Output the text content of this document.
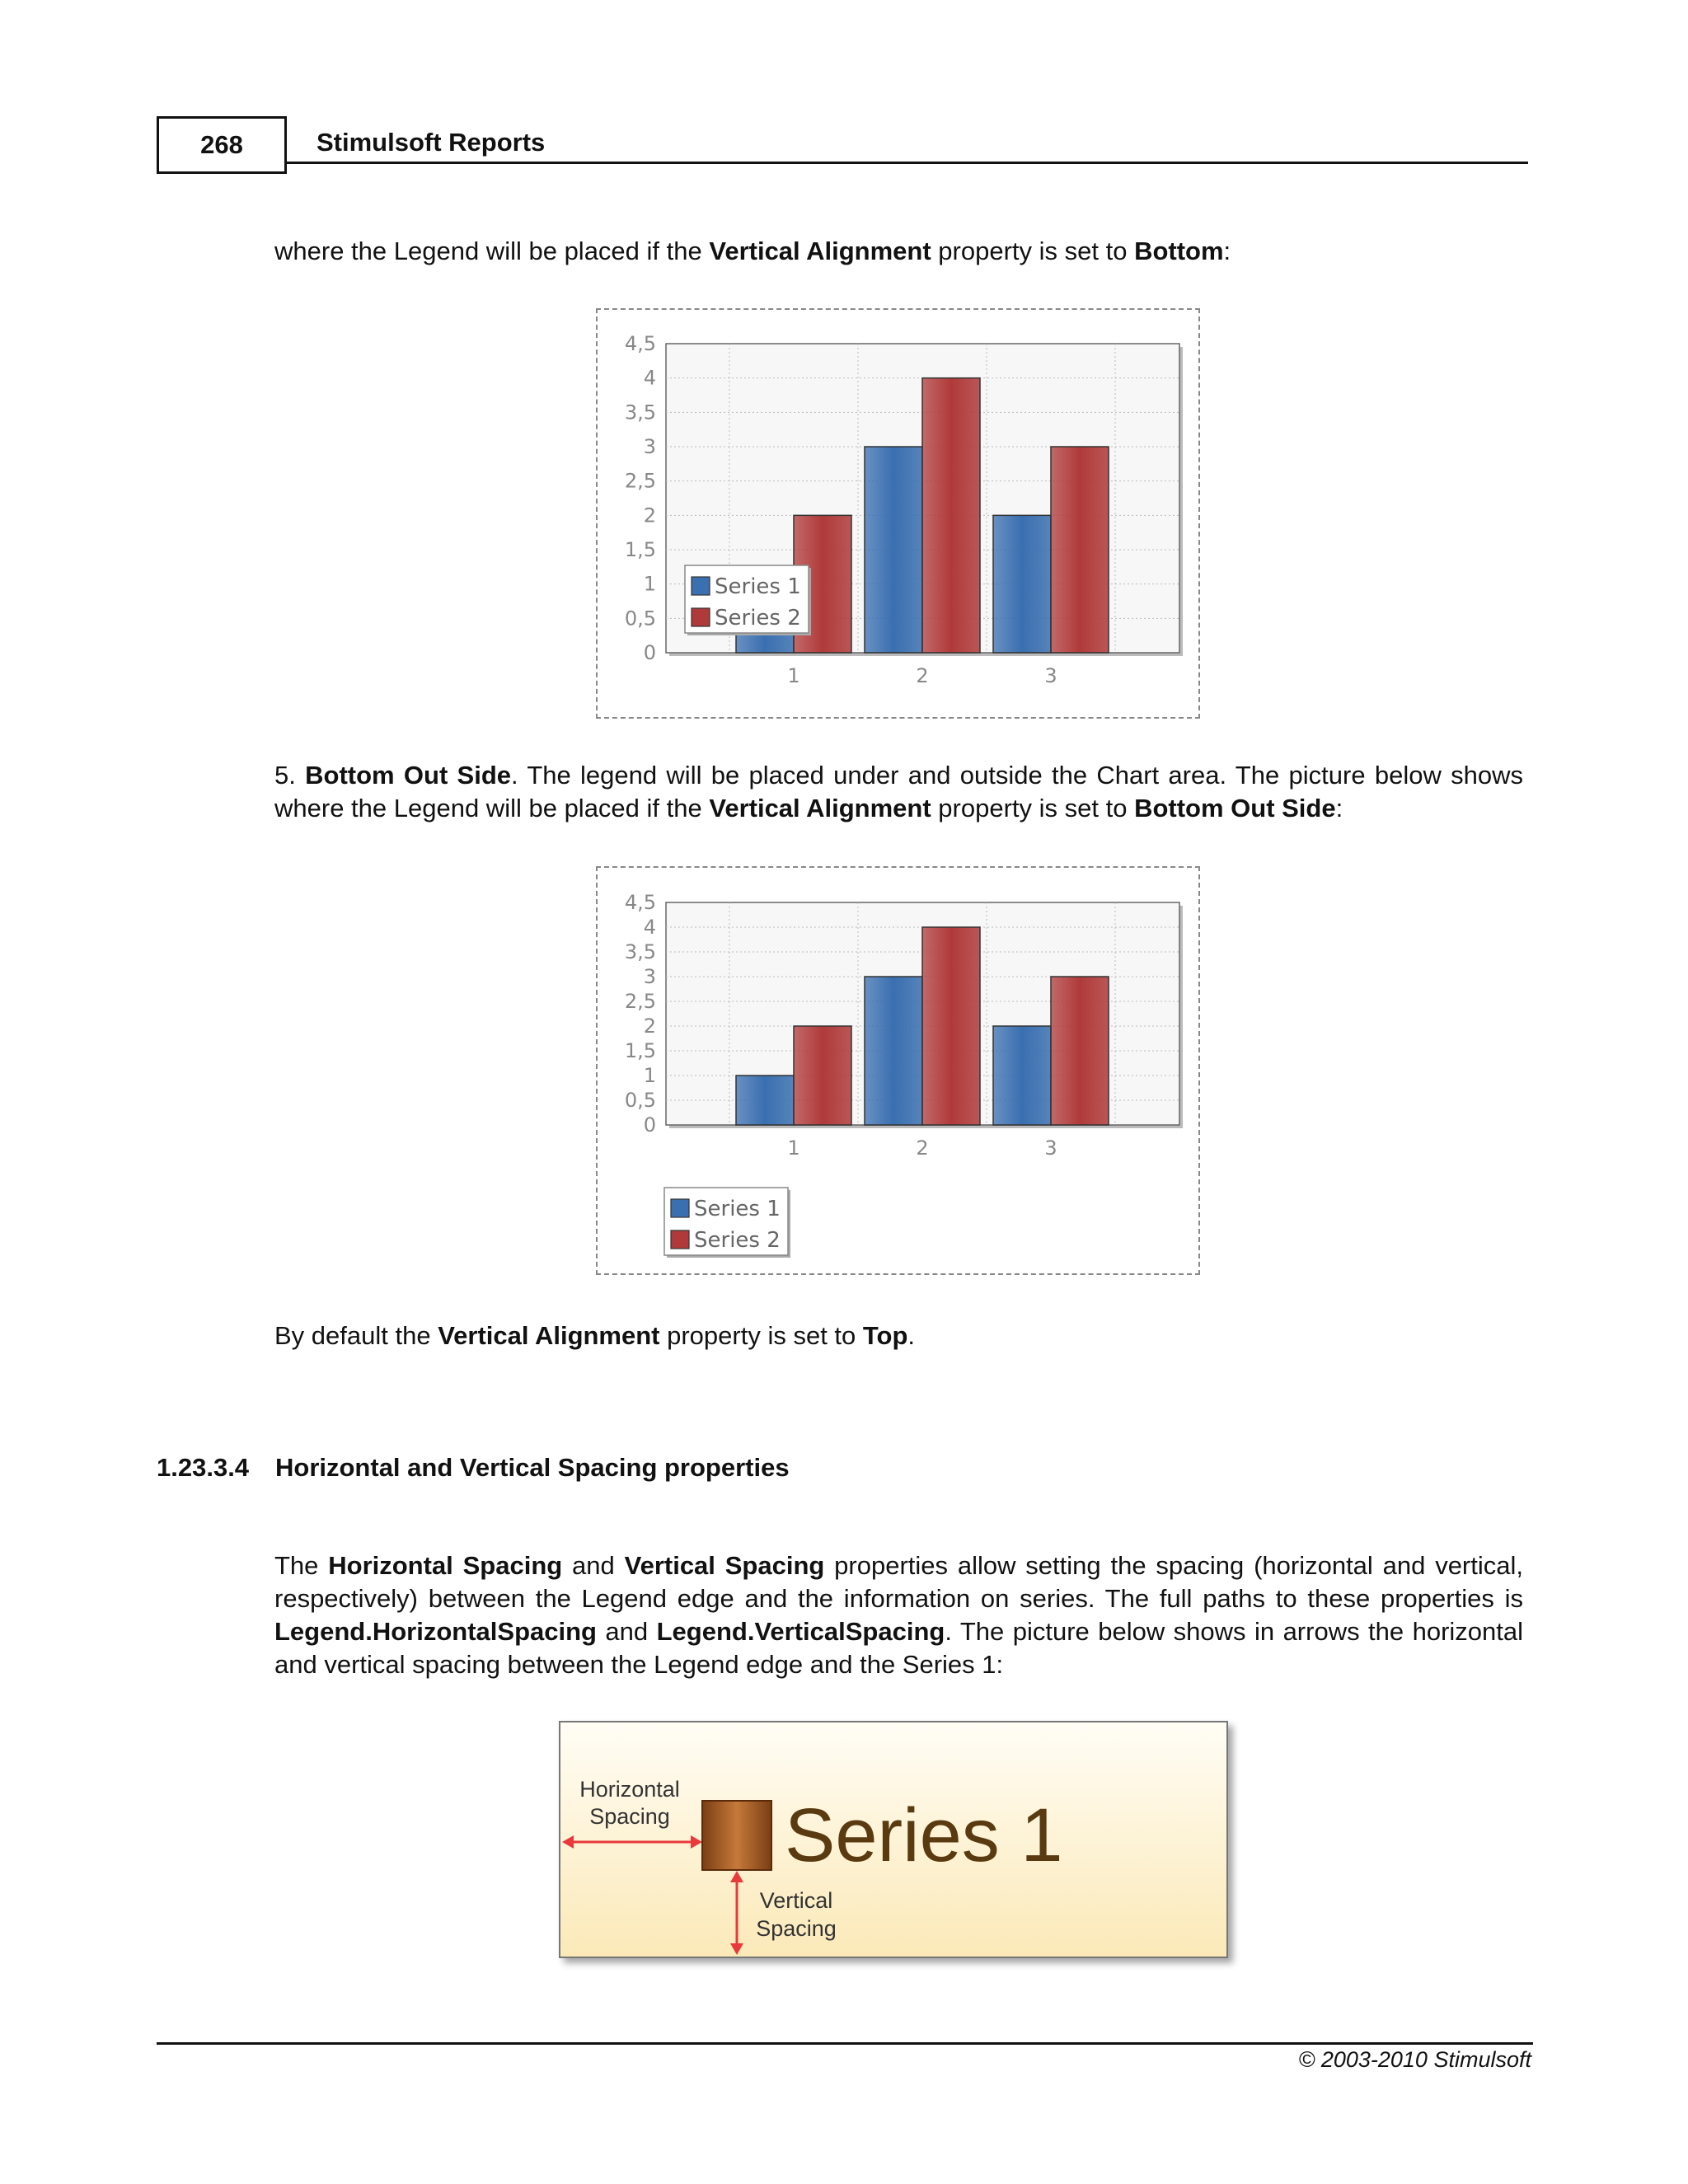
268	Stimulsoft Reports
where the Legend will be placed if the Vertical Alignment property is set to Bottom:
0
0,5
1
1,5
2
2,5
3
3,5
4
4,5
1	2	3
Series 1
Series 2
5. Bottom Out Side. The legend will be placed under and outside the Chart area. The picture below shows where the Legend will be placed if the Vertical Alignment property is set to Bottom Out Side:
0
0,5
1
1,5
2
2,5
3
3,5
4
4,5
1	2	3
Series 1
Series 2
By default the Vertical Alignment property is set to Top.
1.23.3.4 Horizontal and Vertical Spacing properties
The Horizontal Spacing and Vertical Spacing properties allow setting the spacing (horizontal and vertical, respectively) between the Legend edge and the information on series. The full paths to these properties is Legend.HorizontalSpacing and Legend.VerticalSpacing. The picture below shows in arrows the horizontal and vertical spacing between the Legend edge and the Series 1:
Horizontal
Spacing Series 1
Vertical
Spacing
© 2003-2010 Stimulsoft
